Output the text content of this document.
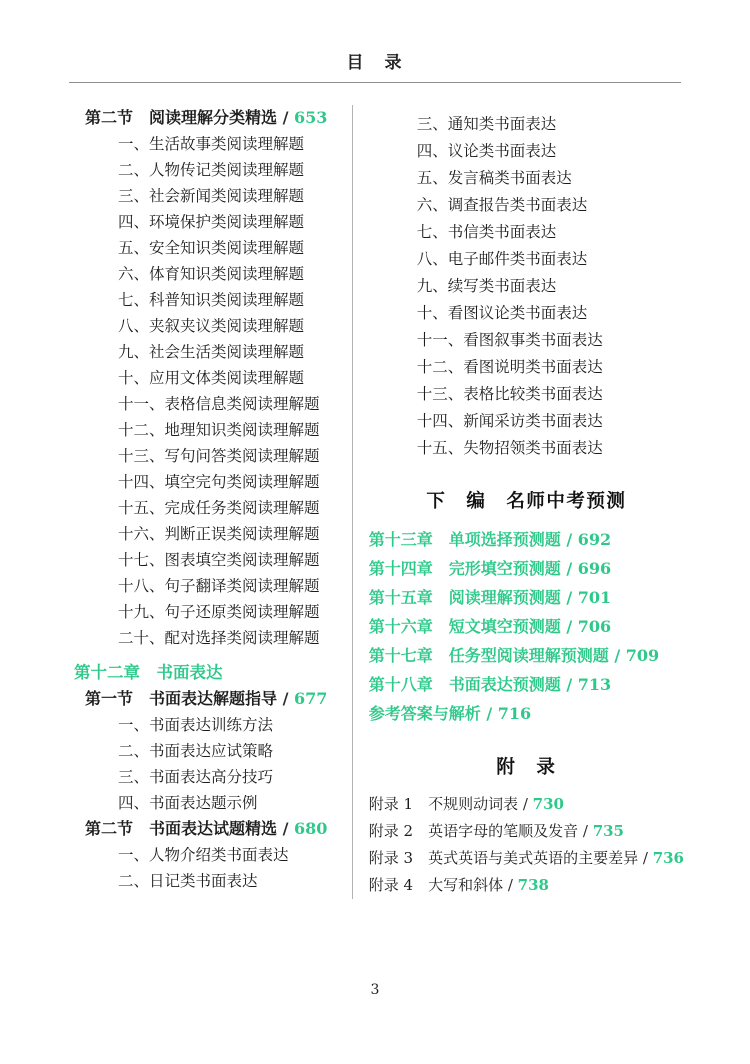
目　录
第二节　阅读理解分类精选 / 653
一、生活故事类阅读理解题
二、人物传记类阅读理解题
三、社会新闻类阅读理解题
四、环境保护类阅读理解题
五、安全知识类阅读理解题
六、体育知识类阅读理解题
七、科普知识类阅读理解题
八、夹叙夹议类阅读理解题
九、社会生活类阅读理解题
十、应用文体类阅读理解题
十一、表格信息类阅读理解题
十二、地理知识类阅读理解题
十三、写句问答类阅读理解题
十四、填空完句类阅读理解题
十五、完成任务类阅读理解题
十六、判断正误类阅读理解题
十七、图表填空类阅读理解题
十八、句子翻译类阅读理解题
十九、句子还原类阅读理解题
二十、配对选择类阅读理解题
第十二章　书面表达
第一节　书面表达解题指导 / 677
一、书面表达训练方法
二、书面表达应试策略
三、书面表达高分技巧
四、书面表达题示例
第二节　书面表达试题精选 / 680
一、人物介绍类书面表达
二、日记类书面表达
三、通知类书面表达
四、议论类书面表达
五、发言稿类书面表达
六、调查报告类书面表达
七、书信类书面表达
八、电子邮件类书面表达
九、续写类书面表达
十、看图议论类书面表达
十一、看图叙事类书面表达
十二、看图说明类书面表达
十三、表格比较类书面表达
十四、新闻采访类书面表达
十五、失物招领类书面表达
下　编　名师中考预测
第十三章　单项选择预测题 / 692
第十四章　完形填空预测题 / 696
第十五章　阅读理解预测题 / 701
第十六章　短文填空预测题 / 706
第十七章　任务型阅读理解预测题 / 709
第十八章　书面表达预测题 / 713
参考答案与解析 / 716
附　录
附录 1　不规则动词表 / 730
附录 2　英语字母的笔顺及发音 / 735
附录 3　英式英语与美式英语的主要差异 / 736
附录 4　大写和斜体 / 738
3
